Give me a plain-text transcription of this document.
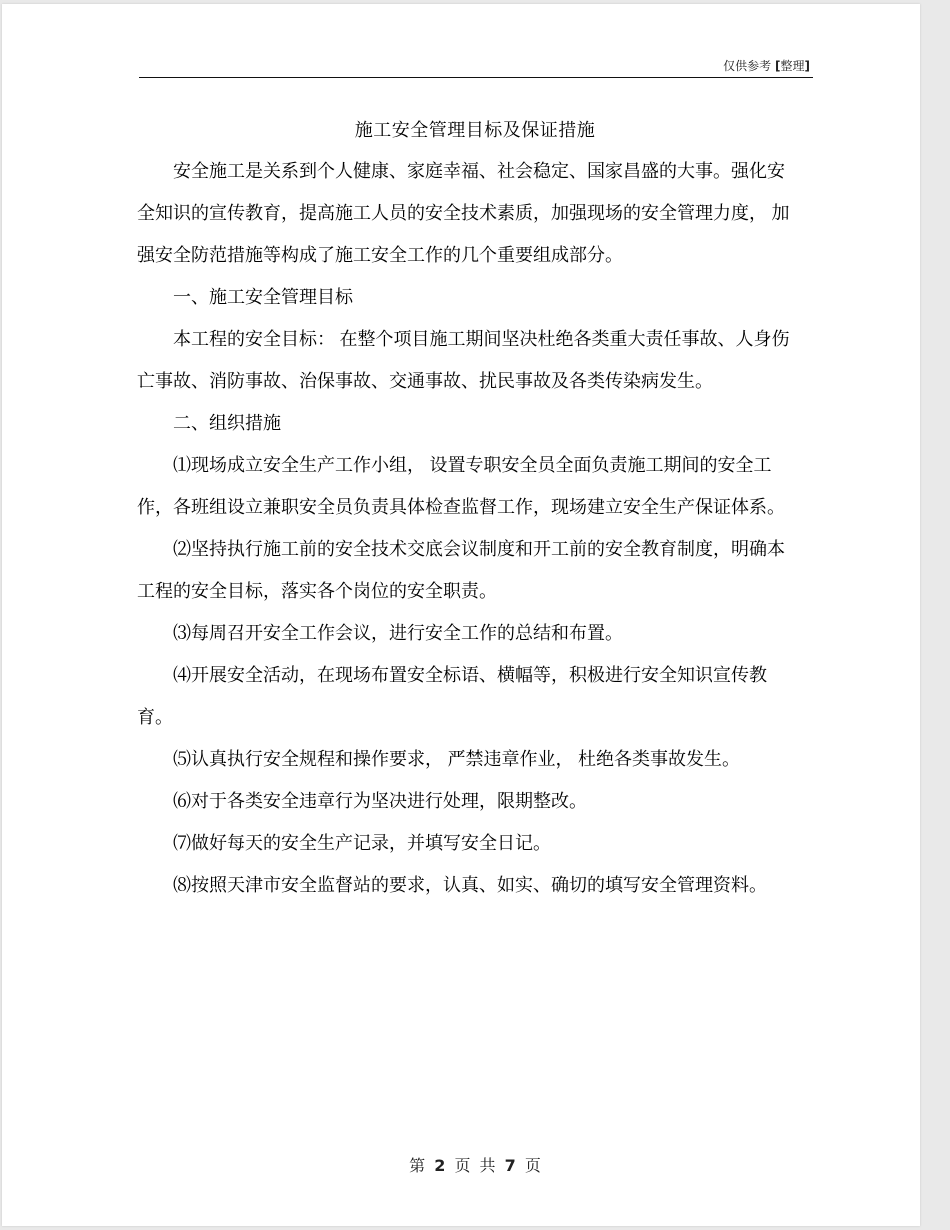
仅供参考 [整理]
施工安全管理目标及保证措施

安全施工是关系到个人健康、家庭幸福、社会稳定、国家昌盛的大事。强化安全知识的宣传教育，提高施工人员的安全技术素质，加强现场的安全管理力度， 加强安全防范措施等构成了施工安全工作的几个重要组成部分。

一、施工安全管理目标

本工程的安全目标： 在整个项目施工期间坚决杜绝各类重大责任事故、人身伤亡事故、消防事故、治保事故、交通事故、扰民事故及各类传染病发生。

二、组织措施

⑴现场成立安全生产工作小组， 设置专职安全员全面负责施工期间的安全工作，各班组设立兼职安全员负责具体检查监督工作，现场建立安全生产保证体系。

⑵坚持执行施工前的安全技术交底会议制度和开工前的安全教育制度，明确本工程的安全目标，落实各个岗位的安全职责。

⑶每周召开安全工作会议，进行安全工作的总结和布置。

⑷开展安全活动，在现场布置安全标语、横幅等，积极进行安全知识宣传教育。

⑸认真执行安全规程和操作要求， 严禁违章作业， 杜绝各类事故发生。

⑹对于各类安全违章行为坚决进行处理，限期整改。

⑺做好每天的安全生产记录，并填写安全日记。

⑻按照天津市安全监督站的要求，认真、如实、确切的填写安全管理资料。

第 2 页 共 7 页
